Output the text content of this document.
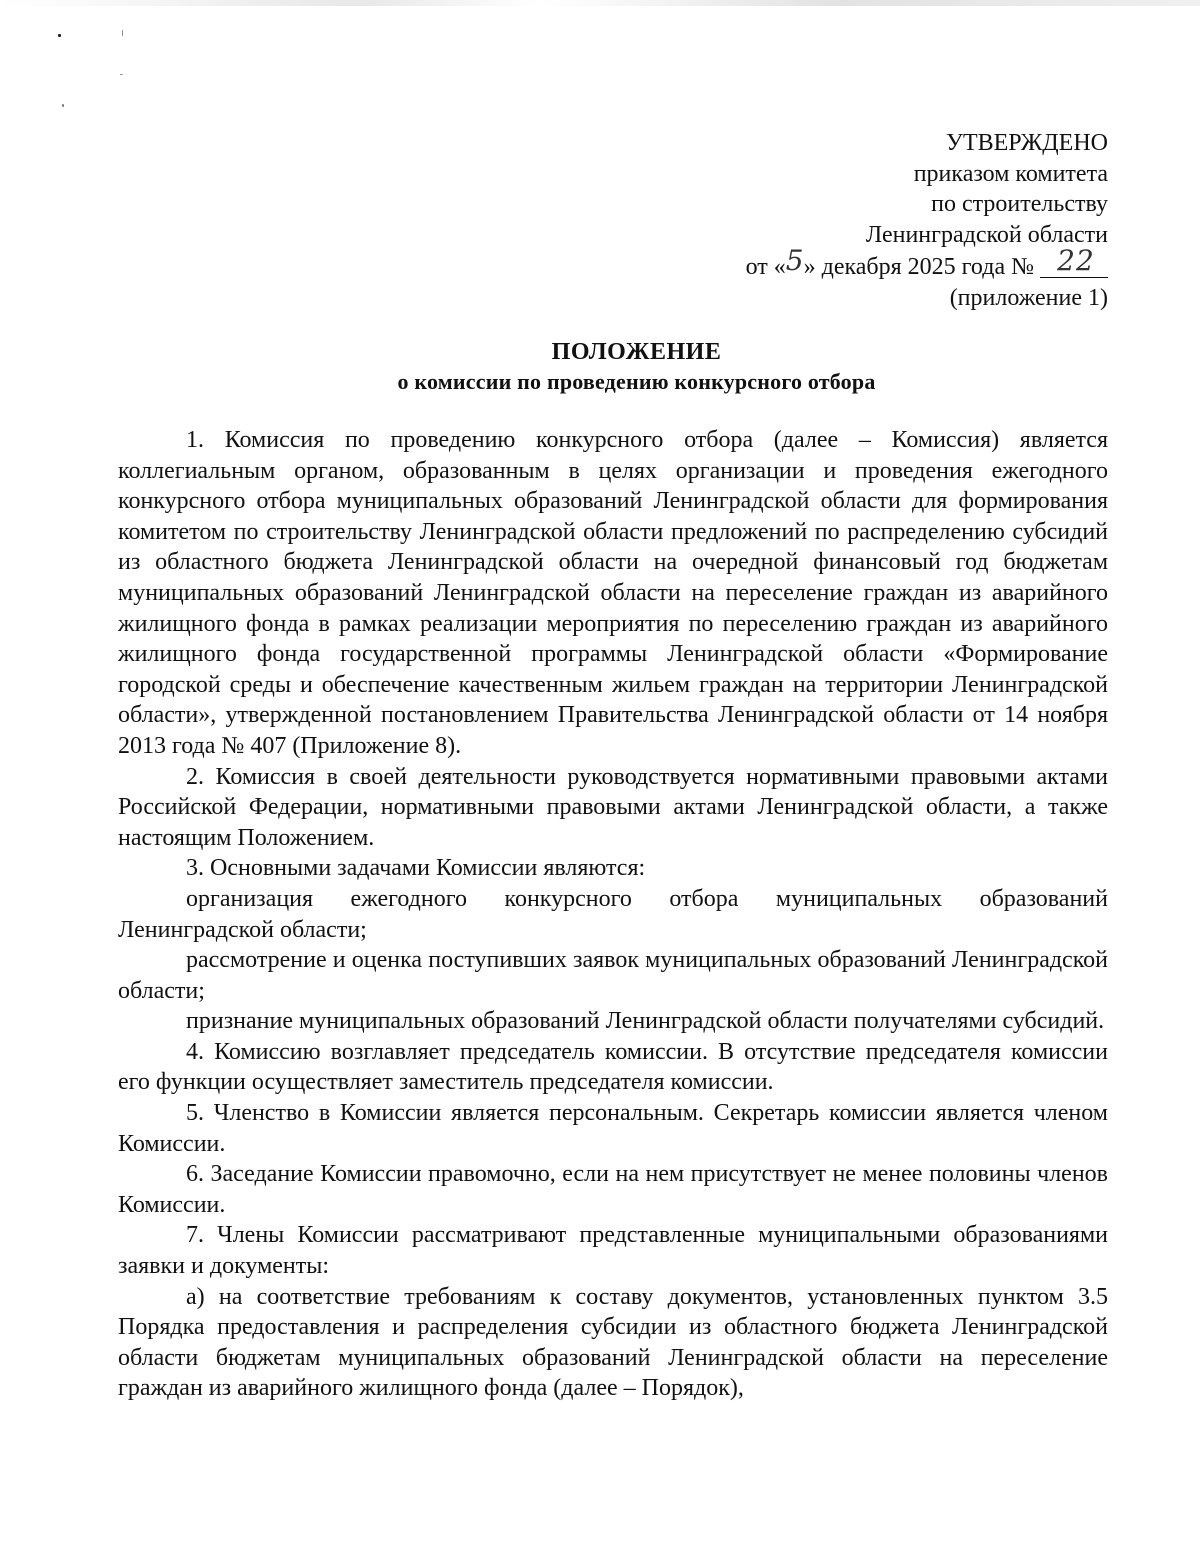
УТВЕРЖДЕНО
приказом комитета
по строительству
Ленинградской области
от «5» декабря 2025 года № 22
(приложение 1)
ПОЛОЖЕНИЕ
о комиссии по проведению конкурсного отбора

1. Комиссия по проведению конкурсного отбора (далее – Комиссия) является коллегиальным органом, образованным в целях организации и проведения ежегодного конкурсного отбора муниципальных образований Ленинградской области для формирования комитетом по строительству Ленинградской области предложений по распределению субсидий из областного бюджета Ленинградской области на очередной финансовый год бюджетам муниципальных образований Ленинградской области на переселение граждан из аварийного жилищного фонда в рамках реализации мероприятия по переселению граждан из аварийного жилищного фонда государственной программы Ленинградской области «Формирование городской среды и обеспечение качественным жильем граждан на территории Ленинградской области», утвержденной постановлением Правительства Ленинградской области от 14 ноября 2013 года № 407 (Приложение 8).

2. Комиссия в своей деятельности руководствуется нормативными правовыми актами Российской Федерации, нормативными правовыми актами Ленинградской области, а также настоящим Положением.

3. Основными задачами Комиссии являются:

организация ежегодного конкурсного отбора муниципальных образований Ленинградской области;

рассмотрение и оценка поступивших заявок муниципальных образований Ленинградской области;

признание муниципальных образований Ленинградской области получателями субсидий.

4. Комиссию возглавляет председатель комиссии. В отсутствие председателя комиссии его функции осуществляет заместитель председателя комиссии.

5. Членство в Комиссии является персональным. Секретарь комиссии является членом Комиссии.

6. Заседание Комиссии правомочно, если на нем присутствует не менее половины членов Комиссии.

7. Члены Комиссии рассматривают представленные муниципальными образованиями заявки и документы:

а) на соответствие требованиям к составу документов, установленных пунктом 3.5 Порядка предоставления и распределения субсидии из областного бюджета Ленинградской области бюджетам муниципальных образований Ленинградской области на переселение граждан из аварийного жилищного фонда (далее – Порядок),
